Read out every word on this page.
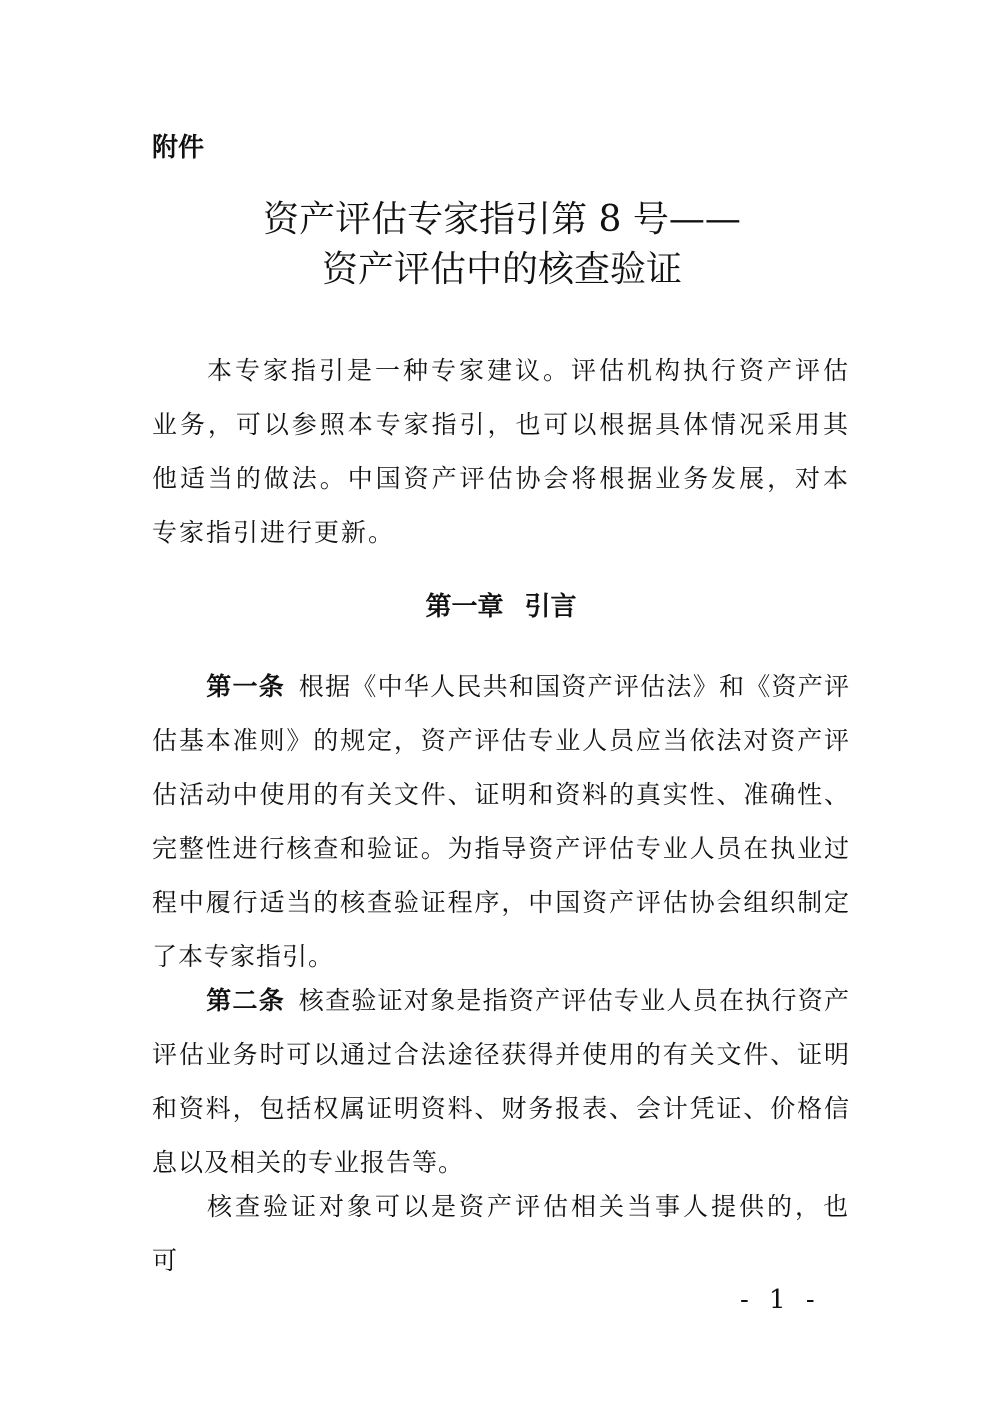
附件

资产评估专家指引第 8 号——
资产评估中的核查验证

本专家指引是一种专家建议。评估机构执行资产评估业务，可以参照本专家指引，也可以根据具体情况采用其他适当的做法。中国资产评估协会将根据业务发展，对本专家指引进行更新。

第一章 引言

第一条  根据《中华人民共和国资产评估法》和《资产评估基本准则》的规定，资产评估专业人员应当依法对资产评估活动中使用的有关文件、证明和资料的真实性、准确性、完整性进行核查和验证。为指导资产评估专业人员在执业过程中履行适当的核查验证程序，中国资产评估协会组织制定了本专家指引。

第二条  核查验证对象是指资产评估专业人员在执行资产评估业务时可以通过合法途径获得并使用的有关文件、证明和资料，包括权属证明资料、财务报表、会计凭证、价格信息以及相关的专业报告等。

核查验证对象可以是资产评估相关当事人提供的，也可

- 1 -
